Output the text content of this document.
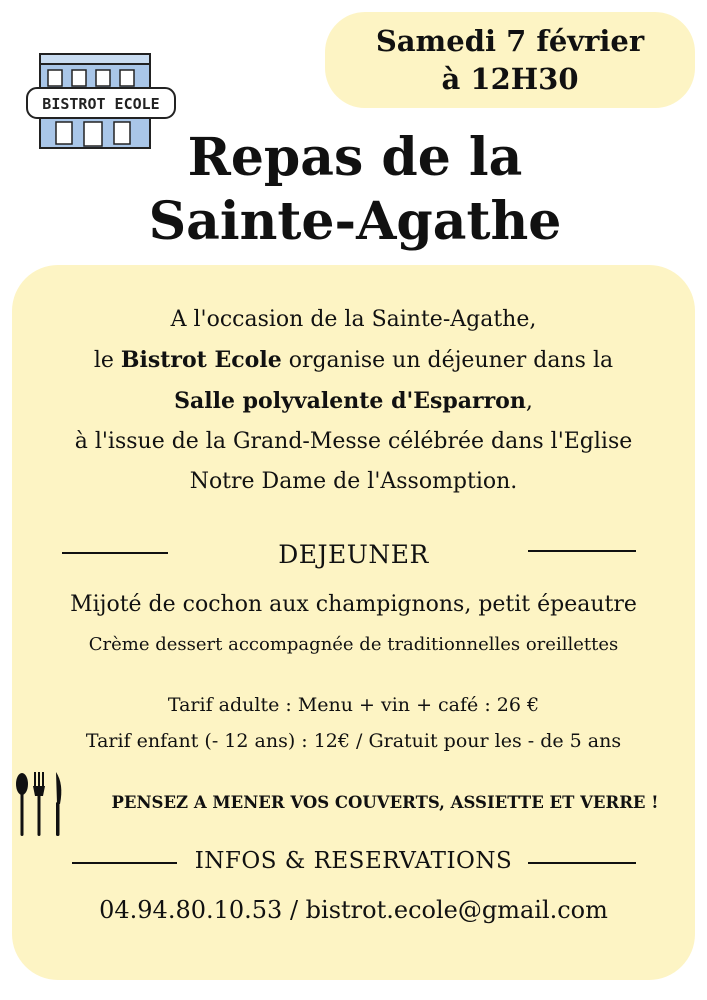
Samedi 7 février
à 12H30
BISTROT ECOLE
Repas de la
Sainte-Agathe
A l'occasion de la Sainte-Agathe,
le Bistrot Ecole organise un déjeuner dans la
Salle polyvalente d'Esparron,
à l'issue de la Grand-Messe célébrée dans l'Eglise
Notre Dame de l'Assomption.
DEJEUNER
Mijoté de cochon aux champignons, petit épeautre
Crème dessert accompagnée de traditionnelles oreillettes
Tarif adulte : Menu + vin + café : 26 €
Tarif enfant (- 12 ans) : 12€ / Gratuit pour les - de 5 ans
PENSEZ A MENER VOS COUVERTS, ASSIETTE ET VERRE !
INFOS & RESERVATIONS
04.94.80.10.53 / bistrot.ecole@gmail.com
